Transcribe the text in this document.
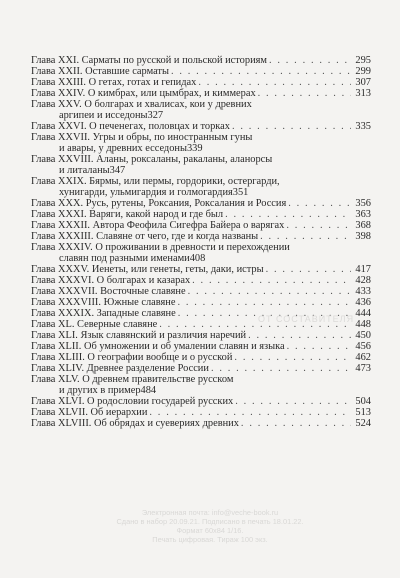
Глава XXI. Сарматы по русской и польской историям . . .	295
Глава XXII. Оставшие сарматы . . .	299
Глава XXIII. О гетах, готах и гепидах . . .	307
Глава XXIV. О кимбрах, или цымбрах, и киммерах . . .	313
Глава XXV. О болгарах и хвалисах, кои у древних
аргипеи и исседоны 327
Глава XXVI. О печенегах, половцах и торках . . .	335
Глава XXVII. Угры и обры, по иностранным гуны
и авары, у древних есседоны 339
Глава XXVIII. Аланы, роксаланы, ракаланы, аланорсы
и литаланы 347
Глава XXIX. Бярмы, или пермы, гордорики, остергарди,
хунигарди, ульмигардия и голмогардия 351
Глава XXX. Русь, рутены, Роксания, Роксалания и Россия . . .	356
Глава XXXI. Варяги, какой народ и где был . . .	363
Глава XXXII. Автора Феофила Сигефра Байера о варягах . . .	368
Глава XXXIII. Славяне от чего, где и когда названы . . .	398
Глава XXXIV. О проживании в древности и перехождении
славян под разными именами 408
Глава XXXV. Иенеты, или генеты, геты, даки, истры . . .	417
Глава XXXVI. О болгарах и казарах . . .	428
Глава XXXVII. Восточные славяне . . .	433
Глава XXXVIII. Южные славяне . . .	436
Глава XXXIX. Западные славяне . . .	444
Глава XL. Северные славяне . . .	448
Глава XLI. Язык славянский и различия наречий . . .	450
Глава XLII. Об умножении и об умалении славян и языка . . .	456
Глава XLIII. О географии вообще и о русской . . .	462
Глава XLIV. Древнее разделение России . . .	473
Глава XLV. О древнем правительстве русском
и других в пример 484
Глава XLVI. О родословии государей русских . . .	504
Глава XLVII. Об иерархии . . .	513
Глава XLVIII. Об обрядах и суевериях древних . . .	524
ОТ СОСТАВИТЕЛЯ
Электронная почта: info@veche-book.ru
Сдано в набор 20.09.21. Подписано в печать 18.01.22.
Формат 60х84 1/16.
Печать цифровая. Тираж 100 экз.
